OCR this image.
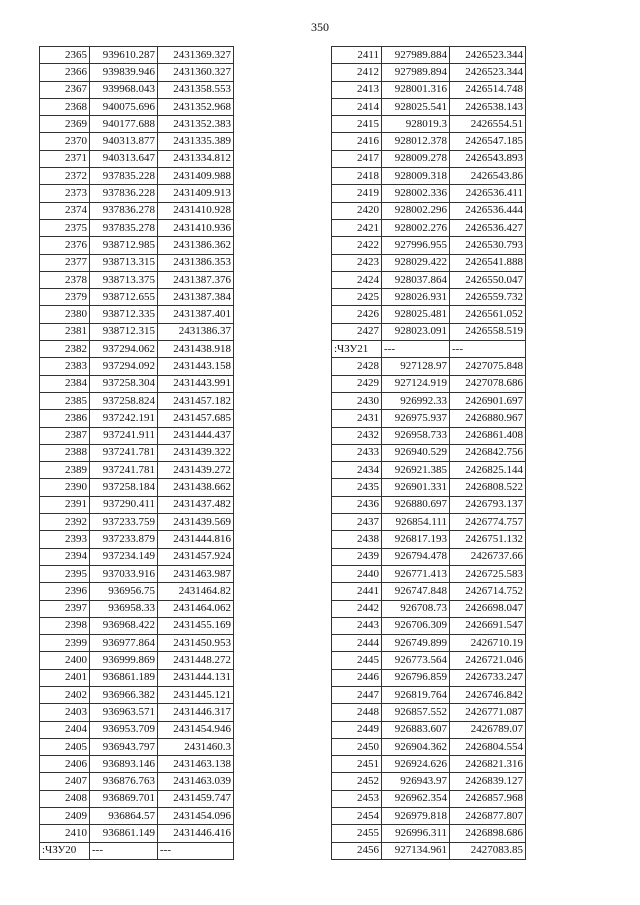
350
2365	939610.287	2431369.327
2366	939839.946	2431360.327
2367	939968.043	2431358.553
2368	940075.696	2431352.968
2369	940177.688	2431352.383
2370	940313.877	2431335.389
2371	940313.647	2431334.812
2372	937835.228	2431409.988
2373	937836.228	2431409.913
2374	937836.278	2431410.928
2375	937835.278	2431410.936
2376	938712.985	2431386.362
2377	938713.315	2431386.353
2378	938713.375	2431387.376
2379	938712.655	2431387.384
2380	938712.335	2431387.401
2381	938712.315	2431386.37
2382	937294.062	2431438.918
2383	937294.092	2431443.158
2384	937258.304	2431443.991
2385	937258.824	2431457.182
2386	937242.191	2431457.685
2387	937241.911	2431444.437
2388	937241.781	2431439.322
2389	937241.781	2431439.272
2390	937258.184	2431438.662
2391	937290.411	2431437.482
2392	937233.759	2431439.569
2393	937233.879	2431444.816
2394	937234.149	2431457.924
2395	937033.916	2431463.987
2396	936956.75	2431464.82
2397	936958.33	2431464.062
2398	936968.422	2431455.169
2399	936977.864	2431450.953
2400	936999.869	2431448.272
2401	936861.189	2431444.131
2402	936966.382	2431445.121
2403	936963.571	2431446.317
2404	936953.709	2431454.946
2405	936943.797	2431460.3
2406	936893.146	2431463.138
2407	936876.763	2431463.039
2408	936869.701	2431459.747
2409	936864.57	2431454.096
2410	936861.149	2431446.416
:ЧЗУ20	---	---
2411	927989.884	2426523.344
2412	927989.894	2426523.344
2413	928001.316	2426514.748
2414	928025.541	2426538.143
2415	928019.3	2426554.51
2416	928012.378	2426547.185
2417	928009.278	2426543.893
2418	928009.318	2426543.86
2419	928002.336	2426536.411
2420	928002.296	2426536.444
2421	928002.276	2426536.427
2422	927996.955	2426530.793
2423	928029.422	2426541.888
2424	928037.864	2426550.047
2425	928026.931	2426559.732
2426	928025.481	2426561.052
2427	928023.091	2426558.519
:ЧЗУ21	---	---
2428	927128.97	2427075.848
2429	927124.919	2427078.686
2430	926992.33	2426901.697
2431	926975.937	2426880.967
2432	926958.733	2426861.408
2433	926940.529	2426842.756
2434	926921.385	2426825.144
2435	926901.331	2426808.522
2436	926880.697	2426793.137
2437	926854.111	2426774.757
2438	926817.193	2426751.132
2439	926794.478	2426737.66
2440	926771.413	2426725.583
2441	926747.848	2426714.752
2442	926708.73	2426698.047
2443	926706.309	2426691.547
2444	926749.899	2426710.19
2445	926773.564	2426721.046
2446	926796.859	2426733.247
2447	926819.764	2426746.842
2448	926857.552	2426771.087
2449	926883.607	2426789.07
2450	926904.362	2426804.554
2451	926924.626	2426821.316
2452	926943.97	2426839.127
2453	926962.354	2426857.968
2454	926979.818	2426877.807
2455	926996.311	2426898.686
2456	927134.961	2427083.85
